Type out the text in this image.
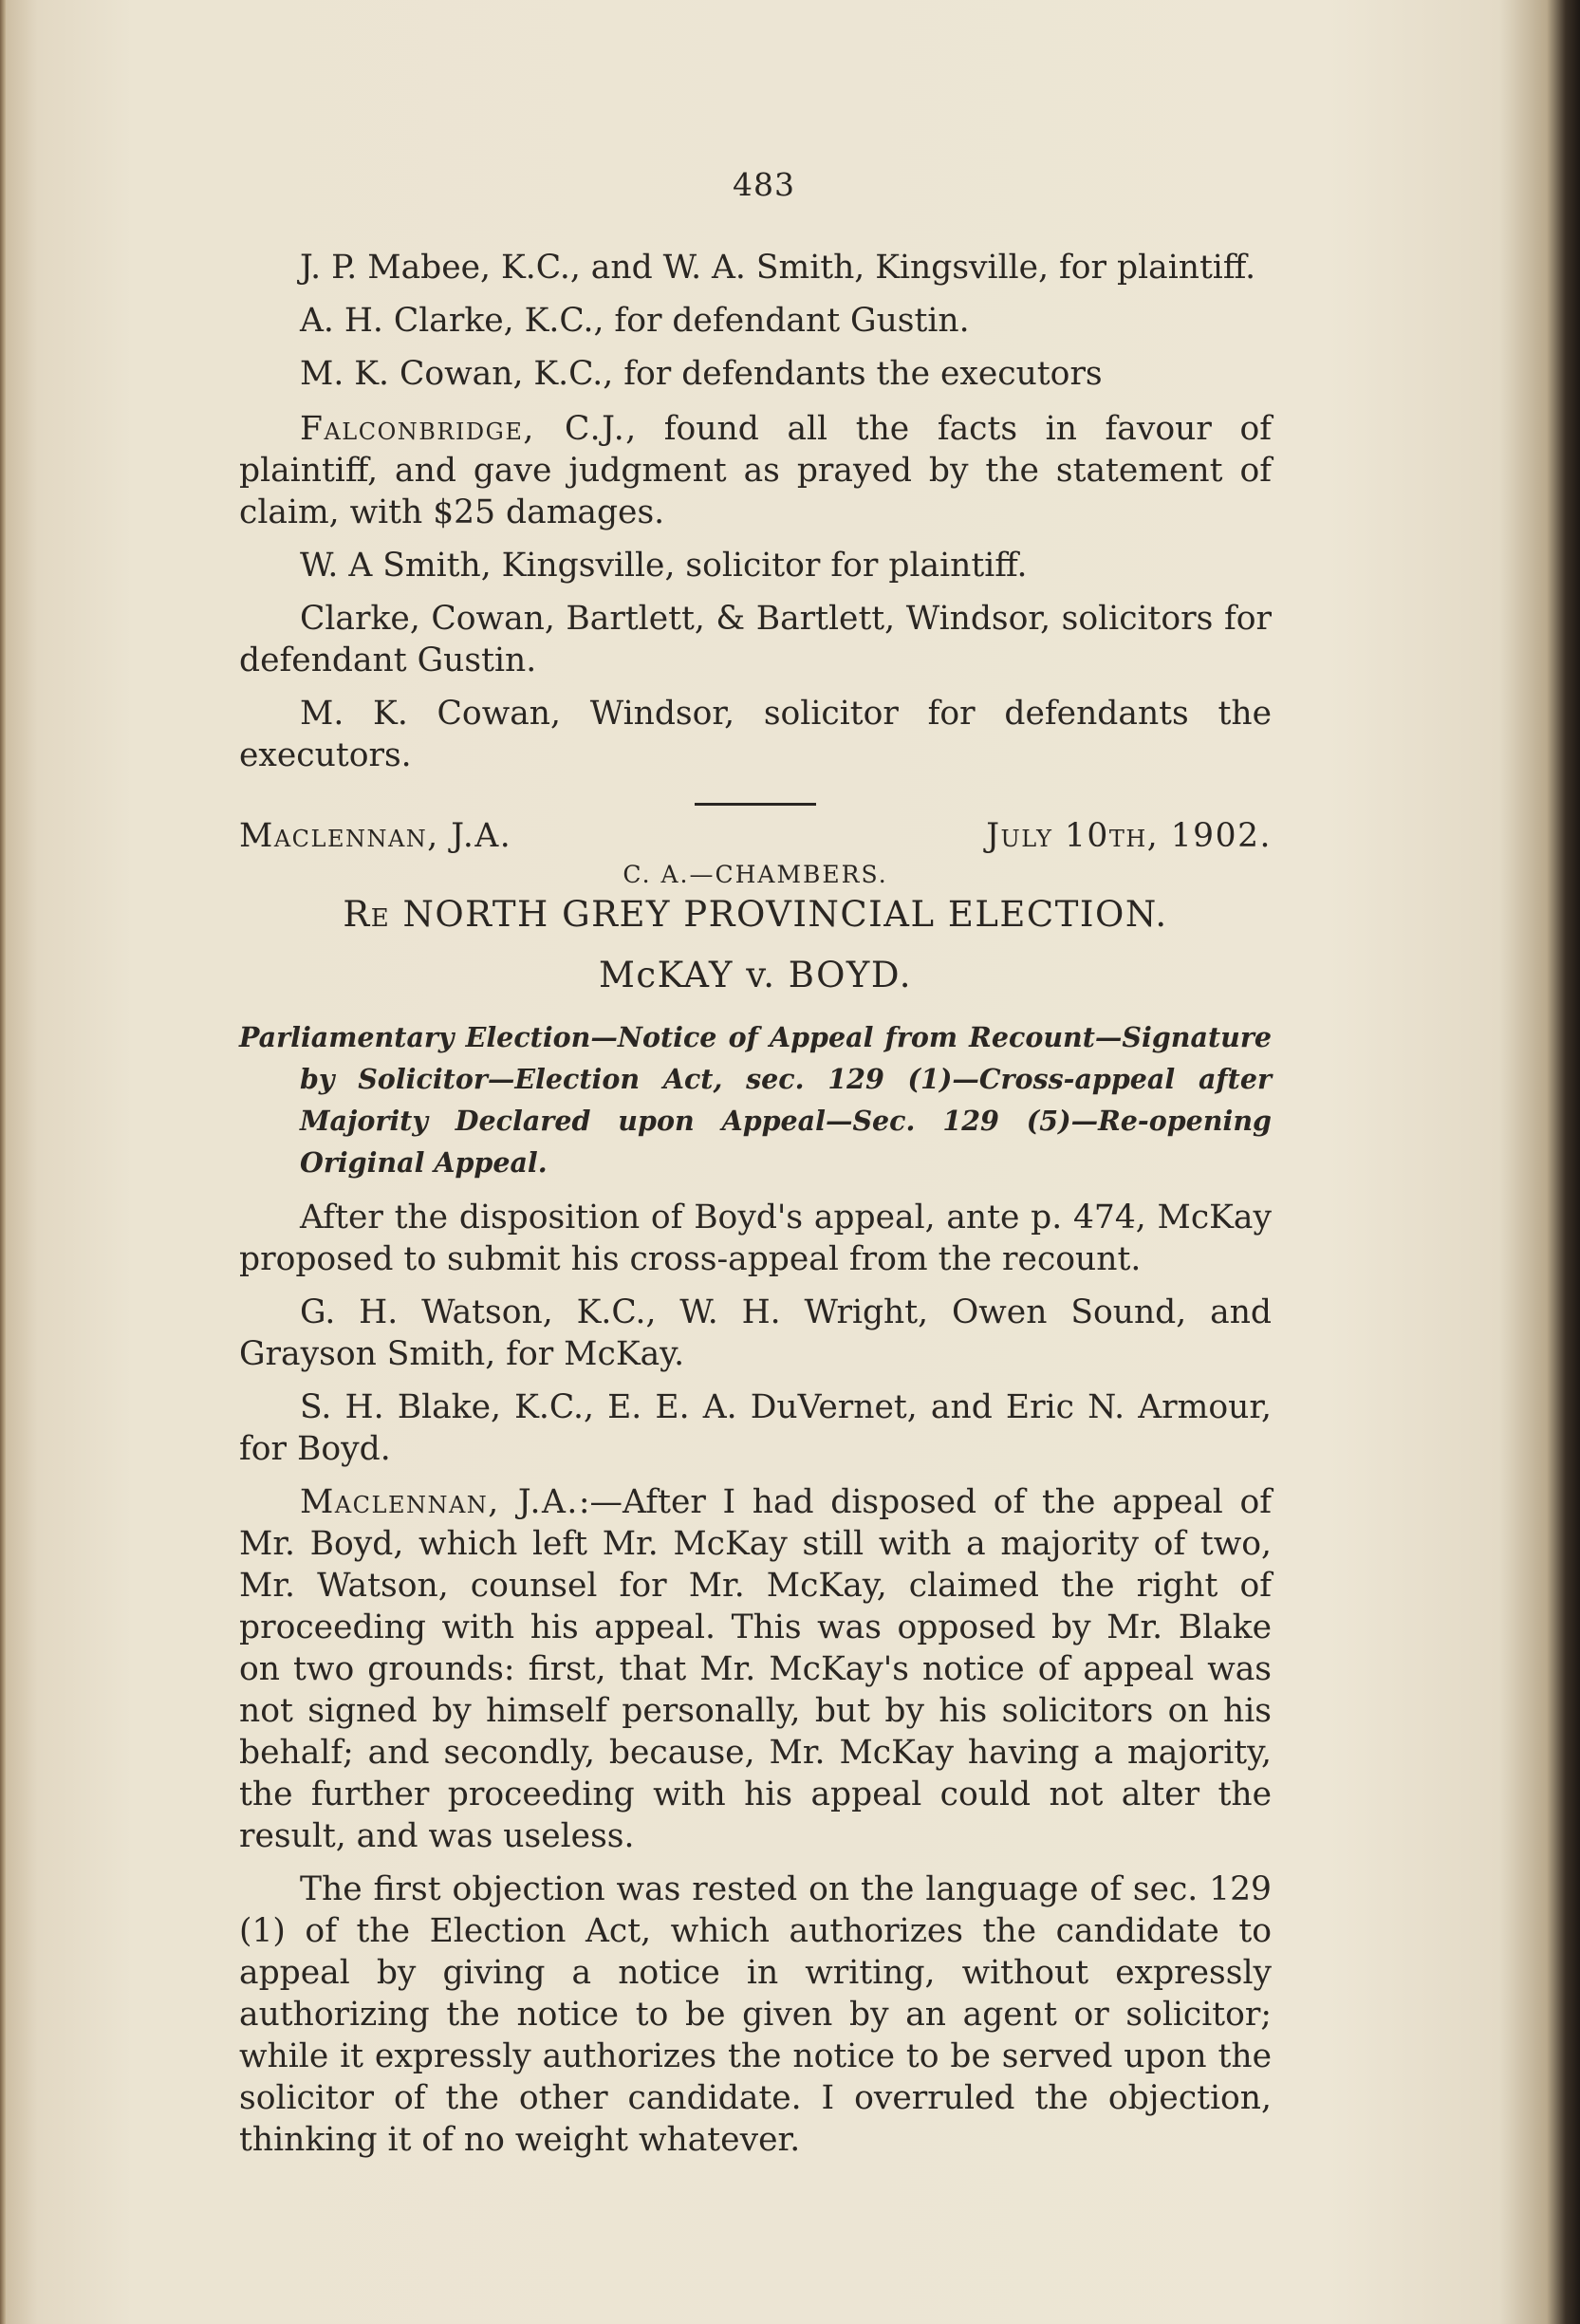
483

J. P. Mabee, K.C., and W. A. Smith, Kingsville, for plaintiff.

A. H. Clarke, K.C., for defendant Gustin.

M. K. Cowan, K.C., for defendants the executors

Falconbridge, C.J., found all the facts in favour of plaintiff, and gave judgment as prayed by the statement of claim, with $25 damages.

W. A Smith, Kingsville, solicitor for plaintiff.

Clarke, Cowan, Bartlett, & Bartlett, Windsor, solicitors for defendant Gustin.

M. K. Cowan, Windsor, solicitor for defendants the executors.

Maclennan, J.A.	July 10th, 1902.
C. A.—CHAMBERS.
Re NORTH GREY PROVINCIAL ELECTION.
McKAY v. BOYD.
Parliamentary Election—Notice of Appeal from Recount—Signature by Solicitor—Election Act, sec. 129 (1)—Cross-appeal after Majority Declared upon Appeal—Sec. 129 (5)—Re-opening Original Appeal.

After the disposition of Boyd's appeal, ante p. 474, McKay proposed to submit his cross-appeal from the recount.

G. H. Watson, K.C., W. H. Wright, Owen Sound, and Grayson Smith, for McKay.

S. H. Blake, K.C., E. E. A. DuVernet, and Eric N. Armour, for Boyd.

Maclennan, J.A.:—After I had disposed of the appeal of Mr. Boyd, which left Mr. McKay still with a majority of two, Mr. Watson, counsel for Mr. McKay, claimed the right of proceeding with his appeal. This was opposed by Mr. Blake on two grounds: first, that Mr. McKay's notice of appeal was not signed by himself personally, but by his solicitors on his behalf; and secondly, because, Mr. McKay having a majority, the further proceeding with his appeal could not alter the result, and was useless.

The first objection was rested on the language of sec. 129 (1) of the Election Act, which authorizes the candidate to appeal by giving a notice in writing, without expressly authorizing the notice to be given by an agent or solicitor; while it expressly authorizes the notice to be served upon the solicitor of the other candidate. I overruled the objection, thinking it of no weight whatever.
